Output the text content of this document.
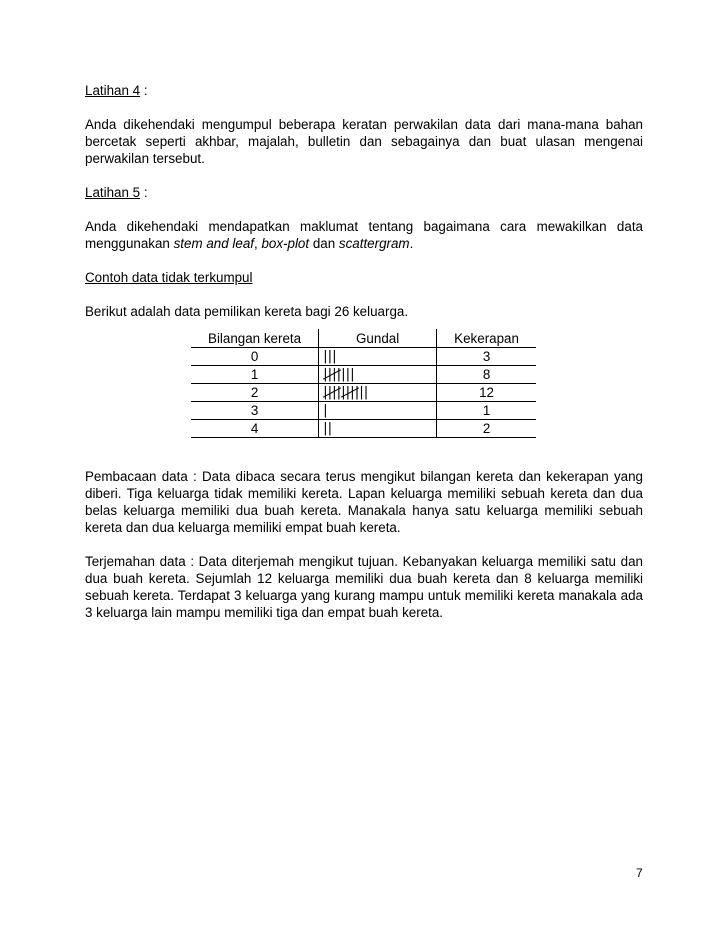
Latihan 4 :

Anda dikehendaki mengumpul beberapa keratan perwakilan data dari mana-mana bahan bercetak seperti akhbar, majalah, bulletin dan sebagainya dan buat ulasan mengenai perwakilan tersebut.

Latihan 5 :

Anda dikehendaki mendapatkan maklumat tentang bagaimana cara mewakilkan data menggunakan stem and leaf, box-plot dan scattergram.

Contoh data tidak terkumpul

Berikut adalah data pemilikan kereta bagi 26 keluarga.

Bilangan kereta	Gundal	Kekerapan
0	|||	3
1	|||||||	8
2	||||||||||	12
3	|	1
4	||	2

Pembacaan data : Data dibaca secara terus mengikut bilangan kereta dan kekerapan yang diberi. Tiga keluarga tidak memiliki kereta. Lapan keluarga memiliki sebuah kereta dan dua belas keluarga memiliki dua buah kereta. Manakala hanya satu keluarga memiliki sebuah kereta dan dua keluarga memiliki empat buah kereta.

Terjemahan data : Data diterjemah mengikut tujuan. Kebanyakan keluarga memiliki satu dan dua buah kereta. Sejumlah 12 keluarga memiliki dua buah kereta dan 8 keluarga memiliki sebuah kereta. Terdapat 3 keluarga yang kurang mampu untuk memiliki kereta manakala ada 3 keluarga lain mampu memiliki tiga dan empat buah kereta.

7
